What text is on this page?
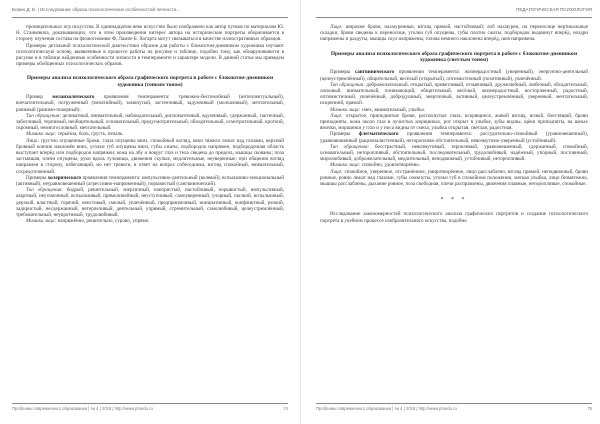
Бовин Д. Б. | Исследование образа психологических особенностей личности...

проницательных игр искусства. В одиннадцатом веке искусство было изображено как автор пучков по материалам Ю. Н. Станкевича, доказывающих, что в этом произведении интерес автора на исторические портреты оборачивается в сторону изучения состава на физиогномике Ф. Лампе Б. Хогарта могут связываться в качестве иллюстративных образцов.

Примеры детальной психологической диагностики образов для работы с блокнотом-дневником художника изучают психологическую основу, выявленные в процессе работы на рисунке и таблице, подобно тому, как обнаруживаются в рисунке и в таблице найденные особенности личности в темпераменте и характере модели. В данной статье мы приведем примеры обобщенных психологических образов.

Примеры анализа психологического образа графического портрета в работе с блокнотом-дневником художника (тонким тоном)

Пример меланхолического проявления темперамента: тревожно-беспокойный (интеллектуальный), впечатлительный, погруженный (эмпатийный), замкнутый, застенчивый, задумчивый (молчаливый), мечтательный, ранимый (ранимо-покорный).

Тип обращения: деликатный, внимательный, наблюдательный, дипломатичный, вдумчивый, сдержанный, тактичный, заботливый, терпимый, необщительный, основательный, предусмотрительный, обходительный, осмотрительный, кроткий, скромный, немногословный, мечтательный.

Мимика лица: серьёзна, боль, грусть, печаль.

Лицо: грустно опущенные брови, глаза опущены вниз, спокойный взгляд, веки тяжело лежат над глазами, верхний бровный кончик наклонён вниз, уголки губ опущены вниз, губы сжаты, подбородок напряжен, подбородочная область выступает вперёд или подбородок напряжен; кожа на лбу и вокруг глаз и тела сведена до предела, мышцы скованы; поза застывшая, плечи опущены, руки вдоль туловища, движения скупые, медлительные, неуверенные; при общении взгляд направлен в сторону, избегающий, но нет тревоги, в ответ на вопрос собеседника, взгляд спокойный, внимательный, сосредоточенный.

Примеры холерического проявления темперамента: импульсивно-деятельный (волевой), вспыльчиво-эмоциональный (активный), неуравновешенный (агрессивно-напряженный), порывистый (сангвинический).

Тип обращения: бодрый, решительный, энергичный, напористый, настойчивый, порывистый, импульсивный, азартный, неугомонный, вспыльчивый, прямолинейный, неуступчивый, самоуверенный, упорный, пылкий, вспыльчивый, дерзкий, властный, горячий, неистовый, смелый, увлечённый, предприимчивый, инициативный, конфликтный, резкий, задиристый, несдержанный, нетерпеливый, деятельный, упрямый, стремительный, самолюбивый, целеустремлённый, требовательный, неукротимый, трудолюбивый.

Мимика лица: напряжённо, решительно, сурово, упрямо.

Проблемы современного образования | № 4 | 2018 | http://www.pmedu.ru	74
ПЕДАГОГИЧЕСКАЯ ПСИХОЛОГИЯ

Лицо: широкие брови, нахмуренные, взгляд прямой, настойчивый; лоб нахмурен, на переносице вертикальные складки, брови сведены к переносице, уголки губ опущены, губы плотно сжаты, подбородок выдвинут вперёд, ноздри напряжены и раздуты, мышцы скул напряжены, голова немного наклонена вперёд, шея напряжена.

Примеры анализа психологического образа графического портрета в работе с блокнотом-дневником художника (светлым тоном)

Примеры сангвинического проявления темперамента: жизнерадостный (уверенный), энергично-деятельный (целеустремлённый), общительный, весёлый (открытый), оптимистичный (позитивный), увлечённый.

Тип обращения: доброжелательный, открытый, приветливый, отзывчивый, дружелюбный, любезный, обходительный, ласковый, внимательный, понимающий, общительный, весёлый, жизнерадостный, восторженный, радостный, оптимистичный, увлечённый, добродушный, энергичный, активный, целеустремлённый, уверенный, мечтательный, искренний, прямой.

Мимика лица: смех, внимательный, улыбка.

Лицо: открытое, приподнятые брови, распахнутые глаза, искрящиеся, живой взгляд, ясный, блестящий, брови приподняты, кожа около глаз в лучистых морщинках, рот открыт в улыбке, зубы видны, щёки приподняты, на щеках ямочки, морщинки у глаз и у носа видны от смеха, улыбка открытая, светлая, радостная.

Примеры флегматического проявления темперамента: рассудительно-спокойный (уравновешенный), уравновешенный (рационалистичный), неторопливо-обстоятельный, невозмутимо-уверенный (устойчивый).

Тип обращения: бесстрастный, невозмутимый, терпеливый, уравновешенный, сдержанный, спокойный, основательный, неторопливый, обстоятельный, последовательный, трудолюбивый, надёжный, упорный, постоянный, миролюбивый, доброжелательный, медлительный, неподвижный, устойчивый, неторопливый.

Мимика лица: спокойно, удовлетворённо.

Лицо: спокойное, уверенное, отстранённое, умиротворённое, лицо расслаблено, взгляд прямой, неподвижный, брови ровные, ровно лежат над глазами, губы сомкнуты, уголки губ в спокойном положении, мягкая улыбка, лицо безмятежно, мышцы расслаблены, дыхание ровное, поза свободная, плечи расправлены, движения плавные, неторопливые, спокойные.

* * *

Исследование закономерностей психологического анализа графических портретов и создание психологического портрета в учебном процессе изобразительного искусства, подобно

Проблемы современного образования | № 4 | 2018 | http://www.pmedu.ru	75
